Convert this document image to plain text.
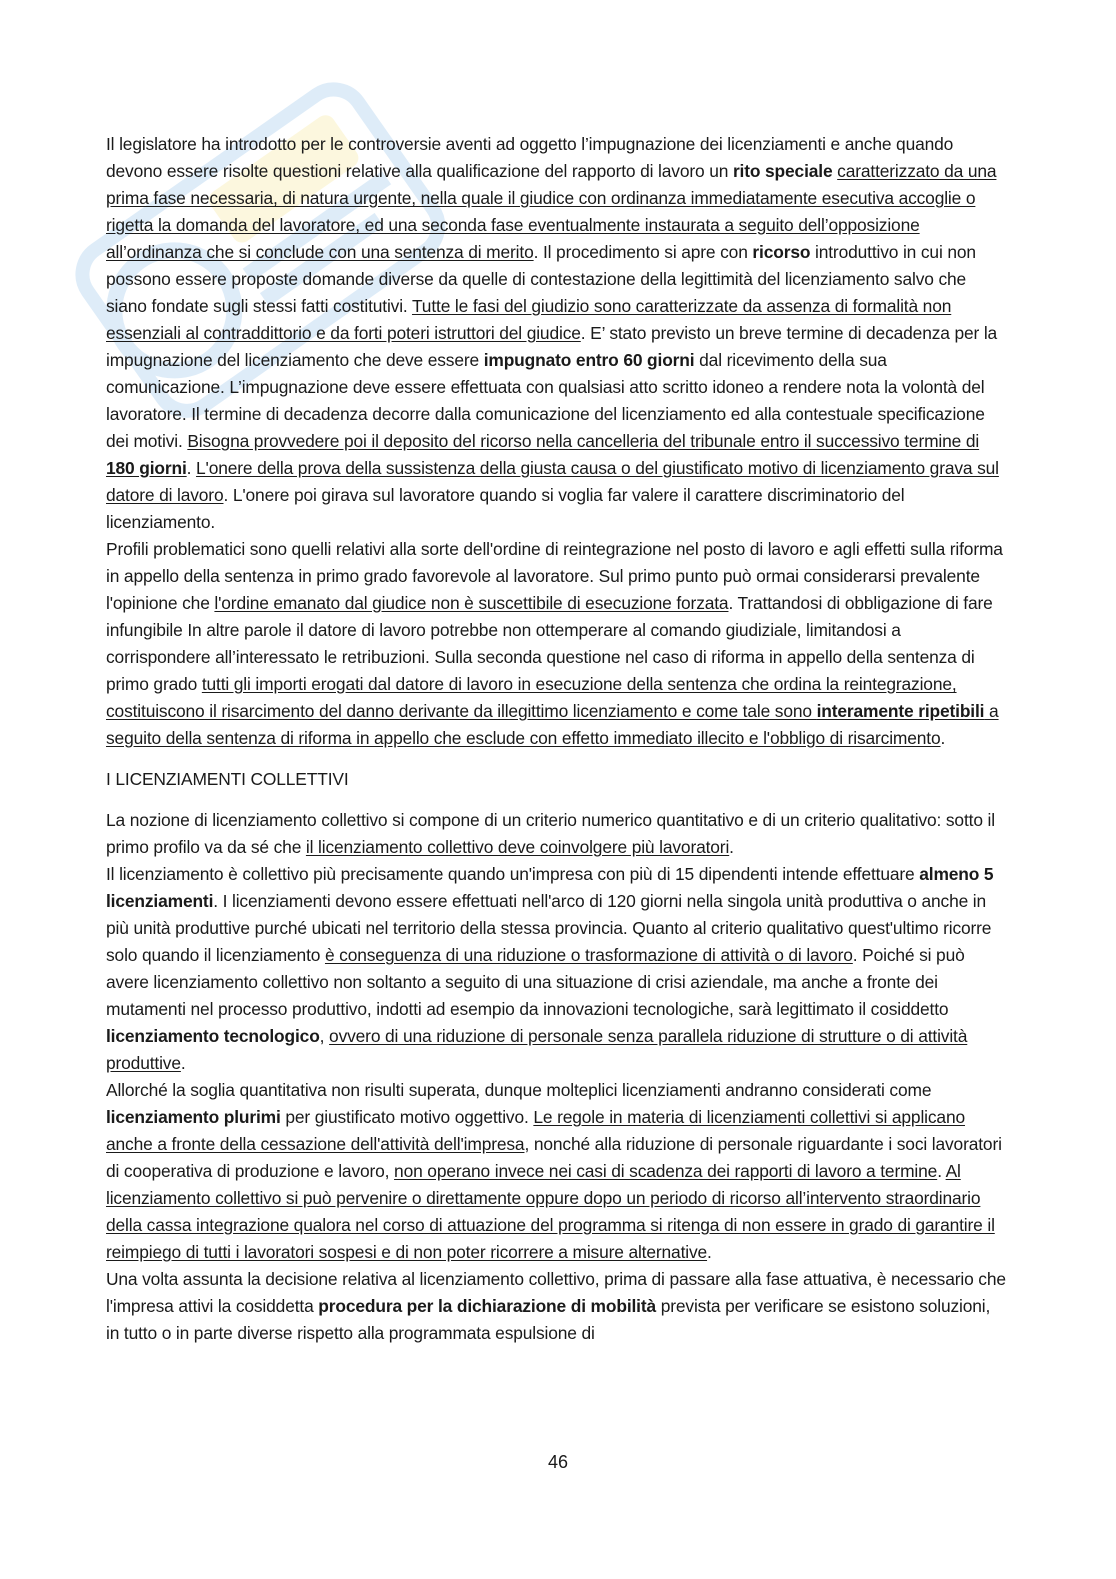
Il legislatore ha introdotto per le controversie aventi ad oggetto l’impugnazione dei licenziamenti e anche quando devono essere risolte questioni relative alla qualificazione del rapporto di lavoro un rito speciale caratterizzato da una prima fase necessaria, di natura urgente, nella quale il giudice con ordinanza immediatamente esecutiva accoglie o rigetta la domanda del lavoratore, ed una seconda fase eventualmente instaurata a seguito dell’opposizione all’ordinanza che si conclude con una sentenza di merito. Il procedimento si apre con ricorso introduttivo in cui non possono essere proposte domande diverse da quelle di contestazione della legittimità del licenziamento salvo che siano fondate sugli stessi fatti costitutivi. Tutte le fasi del giudizio sono caratterizzate da assenza di formalità non essenziali al contraddittorio e da forti poteri istruttori del giudice. E’ stato previsto un breve termine di decadenza per la impugnazione del licenziamento che deve essere impugnato entro 60 giorni dal ricevimento della sua comunicazione. L’impugnazione deve essere effettuata con qualsiasi atto scritto idoneo a rendere nota la volontà del lavoratore. Il termine di decadenza decorre dalla comunicazione del licenziamento ed alla contestuale specificazione dei motivi. Bisogna provvedere poi il deposito del ricorso nella cancelleria del tribunale entro il successivo termine di 180 giorni. L'onere della prova della sussistenza della giusta causa o del giustificato motivo di licenziamento grava sul datore di lavoro. L'onere poi girava sul lavoratore quando si voglia far valere il carattere discriminatorio del licenziamento.

Profili problematici sono quelli relativi alla sorte dell'ordine di reintegrazione nel posto di lavoro e agli effetti sulla riforma in appello della sentenza in primo grado favorevole al lavoratore. Sul primo punto può ormai considerarsi prevalente l'opinione che l'ordine emanato dal giudice non è suscettibile di esecuzione forzata. Trattandosi di obbligazione di fare infungibile In altre parole il datore di lavoro potrebbe non ottemperare al comando giudiziale, limitandosi a corrispondere all’interessato le retribuzioni. Sulla seconda questione nel caso di riforma in appello della sentenza di primo grado tutti gli importi erogati dal datore di lavoro in esecuzione della sentenza che ordina la reintegrazione, costituiscono il risarcimento del danno derivante da illegittimo licenziamento e come tale sono interamente ripetibili a seguito della sentenza di riforma in appello che esclude con effetto immediato illecito e l'obbligo di risarcimento.

I LICENZIAMENTI COLLETTIVI

La nozione di licenziamento collettivo si compone di un criterio numerico quantitativo e di un criterio qualitativo: sotto il primo profilo va da sé che il licenziamento collettivo deve coinvolgere più lavoratori.

Il licenziamento è collettivo più precisamente quando un'impresa con più di 15 dipendenti intende effettuare almeno 5 licenziamenti. I licenziamenti devono essere effettuati nell'arco di 120 giorni nella singola unità produttiva o anche in più unità produttive purché ubicati nel territorio della stessa provincia. Quanto al criterio qualitativo quest'ultimo ricorre solo quando il licenziamento è conseguenza di una riduzione o trasformazione di attività o di lavoro. Poiché si può avere licenziamento collettivo non soltanto a seguito di una situazione di crisi aziendale, ma anche a fronte dei mutamenti nel processo produttivo, indotti ad esempio da innovazioni tecnologiche, sarà legittimato il cosiddetto licenziamento tecnologico, ovvero di una riduzione di personale senza parallela riduzione di strutture o di attività produttive.

Allorché la soglia quantitativa non risulti superata, dunque molteplici licenziamenti andranno considerati come licenziamento plurimi per giustificato motivo oggettivo. Le regole in materia di licenziamenti collettivi si applicano anche a fronte della cessazione dell'attività dell'impresa, nonché alla riduzione di personale riguardante i soci lavoratori di cooperativa di produzione e lavoro, non operano invece nei casi di scadenza dei rapporti di lavoro a termine. Al licenziamento collettivo si può pervenire o direttamente oppure dopo un periodo di ricorso all’intervento straordinario della cassa integrazione qualora nel corso di attuazione del programma si ritenga di non essere in grado di garantire il reimpiego di tutti i lavoratori sospesi e di non poter ricorrere a misure alternative.

Una volta assunta la decisione relativa al licenziamento collettivo, prima di passare alla fase attuativa, è necessario che l'impresa attivi la cosiddetta procedura per la dichiarazione di mobilità prevista per verificare se esistono soluzioni, in tutto o in parte diverse rispetto alla programmata espulsione di

46
